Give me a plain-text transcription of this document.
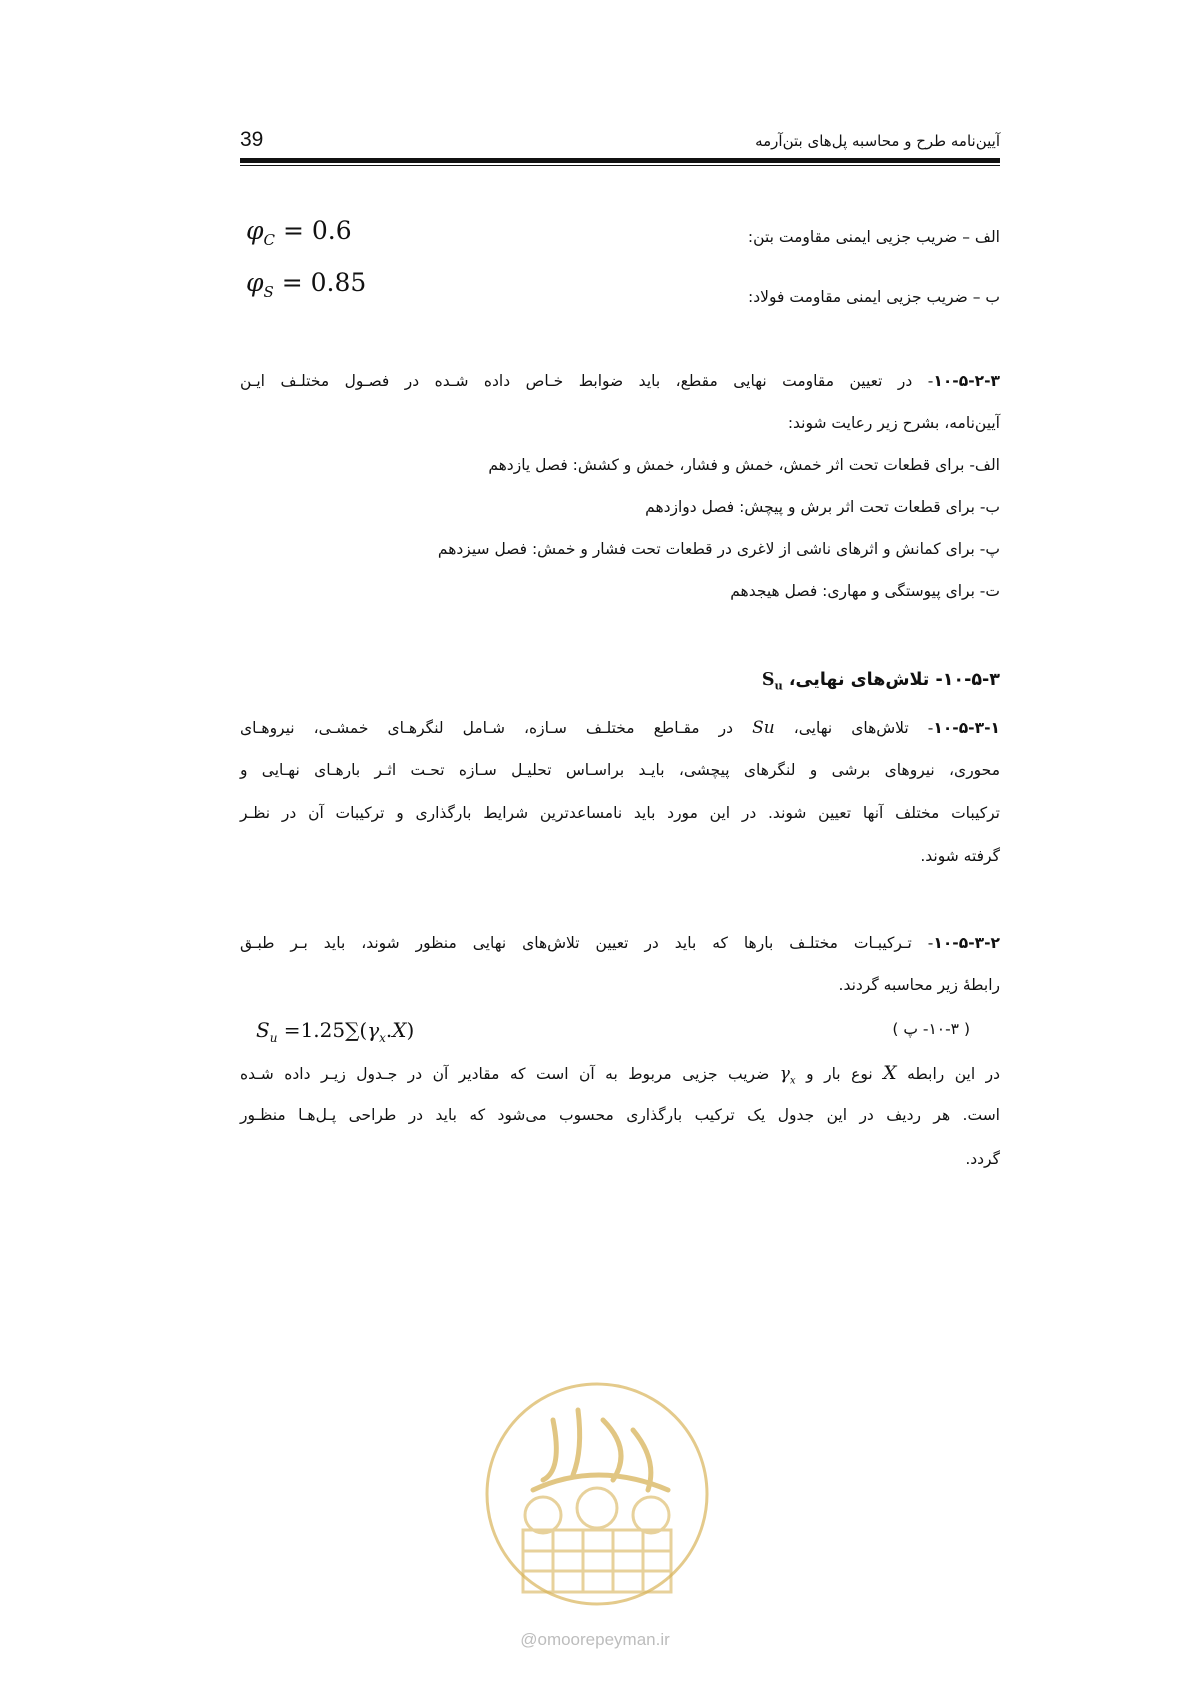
39	آیین‌نامه طرح و محاسبه پل‌های بتن‌آرمه
الف – ضریب جزیی ایمنی مقاومت بتن:
$\varphi_C = 0.6$
ب – ضریب جزیی ایمنی مقاومت فولاد:
$\varphi_S = 0.85$
۱۰-۵-۲-۳- در تعیین مقاومت نهایی مقطع، باید ضوابط خـاص داده شـده در فصـول مختلـف ایـن
آیین‌نامه، بشرح زیر رعایت شوند:
الف- برای قطعات تحت اثر خمش، خمش و فشار، خمش و کشش: فصل یازدهم
ب- برای قطعات تحت اثر برش و پیچش: فصل دوازدهم
پ- برای کمانش و اثرهای ناشی از لاغری در قطعات تحت فشار و خمش: فصل سیزدهم
ت- برای پیوستگی و مهاری: فصل هیجدهم
۱۰-۵-۳- تلاش‌های نهایی، $S_u$
۱۰-۵-۳-۱- تلاش‌های نهایی، Su در مقـاطع مختلـف سـازه، شـامل لنگرهـای خمشـی، نیروهـای
محوری، نیروهای برشی و لنگرهای پیچشی، بایـد براسـاس تحلیـل سـازه تحـت اثـر بارهـای نهـایی و
ترکیبات مختلف آنها تعیین شوند. در این مورد باید نامساعدترین شرایط بارگذاری و ترکیبات آن در نظـر
گرفته شوند.
۱۰-۵-۳-۲- تـرکیبـات مختلـف بارها که باید در تعیین تلاش‌های نهایی منظور شوند، باید بـر طبـق
رابطهٔ زیر محاسبه گردند.
( ۱۰-۳- پ )
$S_u =1.25\sum(\gamma_x.X)$
در این رابطه X نوع بار و $\gamma_x$ ضریب جزیی مربوط به آن است که مقادیر آن در جـدول زیـر داده شـده
است. هر ردیف در این جدول یک ترکیب بارگذاری محسوب می‌شود که باید در طراحی پـل‌هـا منظـور
گردد.
@omoorepeyman.ir
